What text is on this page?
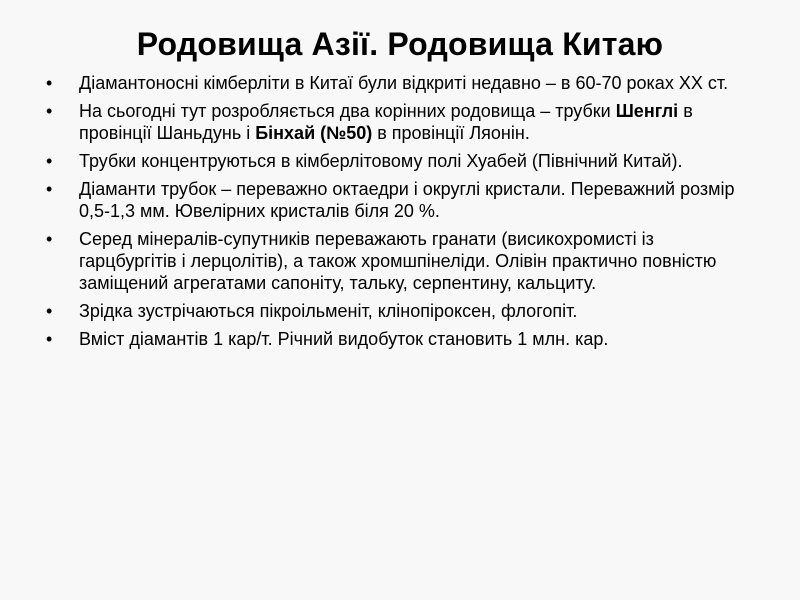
Родовища Азії. Родовища Китаю
• Діамантоносні кімберліти в Китаї були відкриті недавно – в 60-70 роках ХХ ст.
• На сьогодні тут розробляється два корінних родовища – трубки Шенглі в провінції Шаньдунь і Бінхай (№50) в провінції Ляонін.
• Трубки концентруються в кімберлітовому полі Хуабей (Північний Китай).
• Діаманти трубок – переважно октаедри і округлі кристали. Переважний розмір 0,5-1,3 мм. Ювелірних кристалів біля 20 %.
• Серед мінералів-супутників переважають гранати (висикохромисті із гарцбургітів і лерцолітів), а також хромшпінеліди. Олівін практично повністю заміщений агрегатами сапоніту, тальку, серпентину, кальциту.
• Зрідка зустрічаються пікроільменіт, клінопіроксен, флогопіт.
• Вміст діамантів 1 кар/т. Річний видобуток становить 1 млн. кар.
